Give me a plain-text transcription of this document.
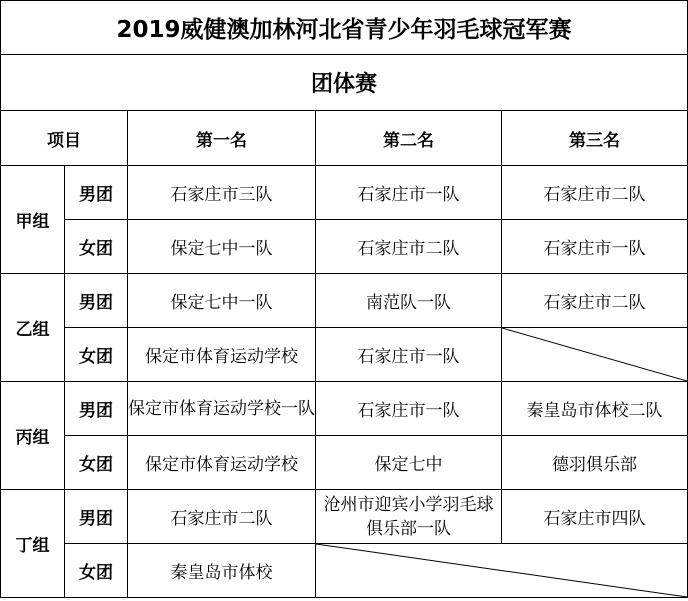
2019威健澳加林河北省青少年羽毛球冠军赛				
团体赛				
项目		第一名	第二名	第三名
甲组	男团	石家庄市三队	石家庄市一队	石家庄市二队
	女团	保定七中一队	石家庄市二队	石家庄市一队
乙组	男团	保定七中一队	南范队一队	石家庄市二队
	女团	保定市体育运动学校	石家庄市一队	

丙组	男团	保定市体育运动学校一队	石家庄市一队	秦皇岛市体校二队
	女团	保定市体育运动学校	保定七中	德羽俱乐部
丁组	男团	石家庄市二队	沧州市迎宾小学羽毛球俱乐部一队	石家庄市四队
	女团	秦皇岛市体校	
